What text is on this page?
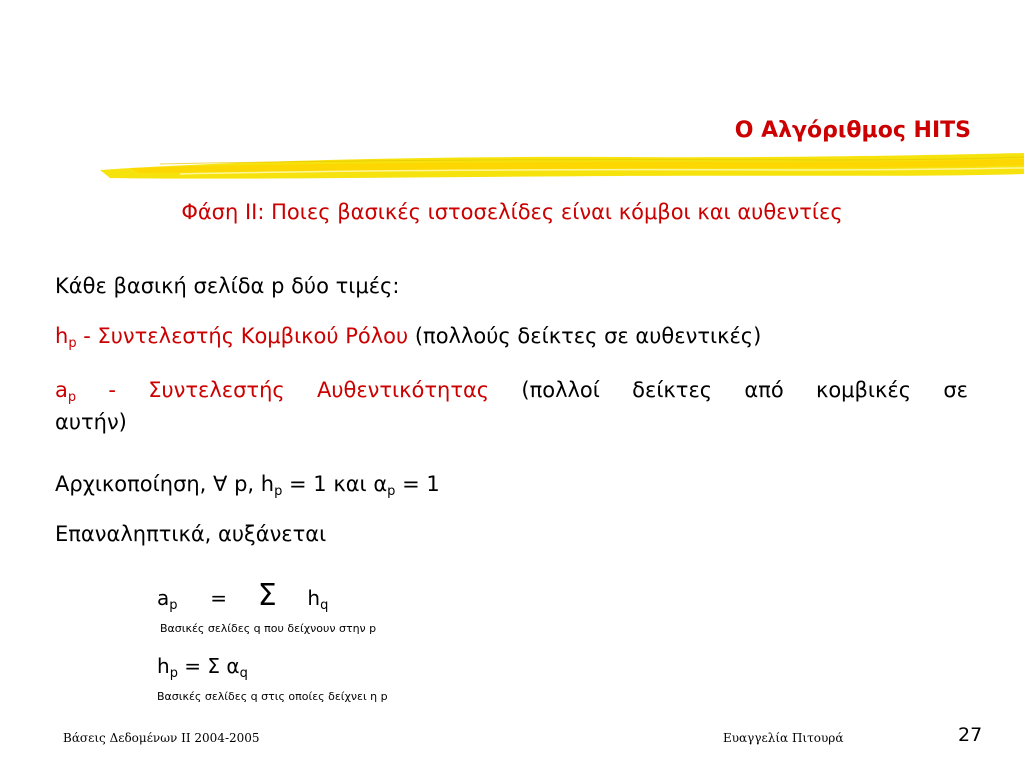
Ο Αλγόριθμος HITS
Φάση ΙΙ: Ποιες βασικές ιστοσελίδες είναι κόμβοι και αυθεντίες
Κάθε βασική σελίδα p δύο τιμές:
$h_p$ - Συντελεστής Κομβικού Ρόλου (πολλούς δείκτες σε αυθεντικές)
$a_p$ - Συντελεστής Αυθεντικότητας (πολλοί δείκτες από κομβικές σε
αυτήν)
Αρχικοποίηση, ∀ p, $h_p = 1$ και $\alpha_p = 1$
Επαναληπτικά, αυξάνεται
$a_p = \Sigma$ $h_q$
Βασικές σελίδες q που δείχνουν στην p
$h_p = \Sigma$ $\alpha_q$
Βασικές σελίδες q στις οποίες δείχνει η p
Βάσεις Δεδομένων ΙΙ 2004-2005	Ευαγγελία Πιτουρά	27
